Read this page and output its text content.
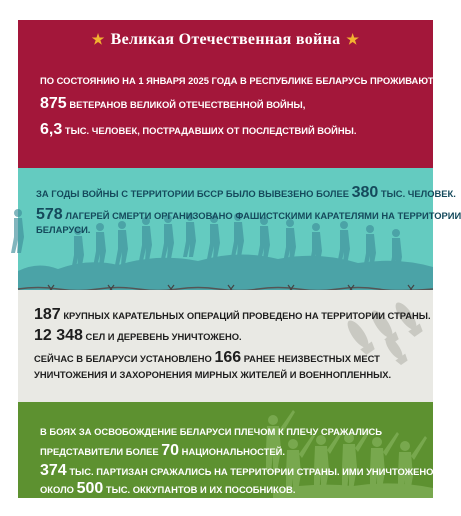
★ Великая Отечественная война ★
ПО СОСТОЯНИЮ НА 1 ЯНВАРЯ 2025 ГОДА В РЕСПУБЛИКЕ БЕЛАРУСЬ ПРОЖИВАЮТ
875 ВЕТЕРАНОВ ВЕЛИКОЙ ОТЕЧЕСТВЕННОЙ ВОЙНЫ,
6,3 ТЫС. ЧЕЛОВЕК, ПОСТРАДАВШИХ ОТ ПОСЛЕДСТВИЙ ВОЙНЫ.
ЗА ГОДЫ ВОЙНЫ С ТЕРРИТОРИИ БССР БЫЛО ВЫВЕЗЕНО БОЛЕЕ 380 ТЫС. ЧЕЛОВЕК.
578 ЛАГЕРЕЙ СМЕРТИ ОРГАНИЗОВАНО ФАШИСТСКИМИ КАРАТЕЛЯМИ НА ТЕРРИТОРИИ
БЕЛАРУСИ.
187 КРУПНЫХ КАРАТЕЛЬНЫХ ОПЕРАЦИЙ ПРОВЕДЕНО НА ТЕРРИТОРИИ СТРАНЫ.
12 348 СЕЛ И ДЕРЕВЕНЬ УНИЧТОЖЕНО.
СЕЙЧАС В БЕЛАРУСИ УСТАНОВЛЕНО 166 РАНЕЕ НЕИЗВЕСТНЫХ МЕСТ
УНИЧТОЖЕНИЯ И ЗАХОРОНЕНИЯ МИРНЫХ ЖИТЕЛЕЙ И ВОЕННОПЛЕННЫХ.
В БОЯХ ЗА ОСВОБОЖДЕНИЕ БЕЛАРУСИ ПЛЕЧОМ К ПЛЕЧУ СРАЖАЛИСЬ
ПРЕДСТАВИТЕЛИ БОЛЕЕ 70 НАЦИОНАЛЬНОСТЕЙ.
374 ТЫС. ПАРТИЗАН СРАЖАЛИСЬ НА ТЕРРИТОРИИ СТРАНЫ. ИМИ УНИЧТОЖЕНО
ОКОЛО 500 ТЫС. ОККУПАНТОВ И ИХ ПОСОБНИКОВ.
